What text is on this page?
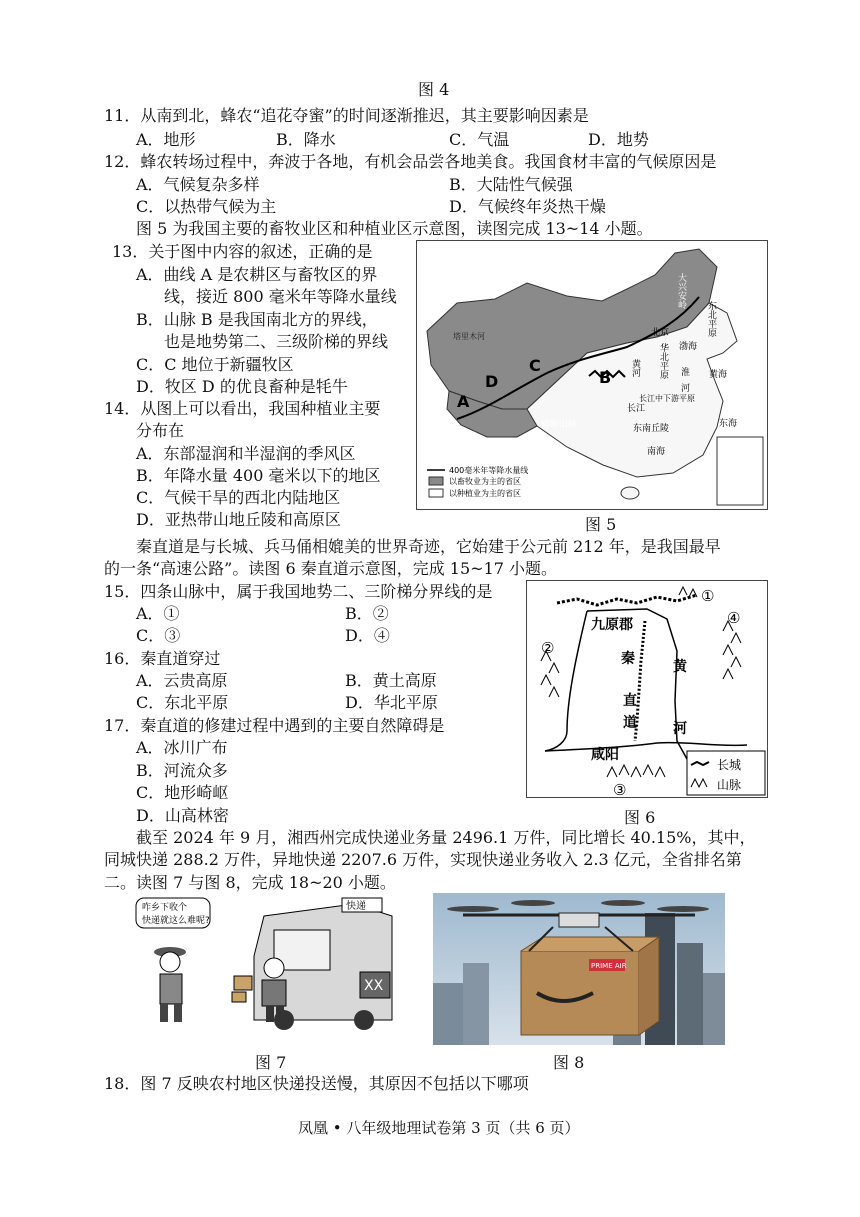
图 4
11．从南到北，蜂农“追花夺蜜”的时间逐渐推迟，其主要影响因素是
A．地形	B．降水	C．气温	D．地势
12．蜂农转场过程中，奔波于各地，有机会品尝各地美食。我国食材丰富的气候原因是
A．气候复杂多样	B．大陆性气候强
C．以热带气候为主	D．气候终年炎热干燥
图 5 为我国主要的畜牧业区和种植业区示意图，读图完成 13~14 小题。
13．关于图中内容的叙述，正确的是
A．曲线 A 是农耕区与畜牧区的界
线，接近 800 毫米年等降水量线
B．山脉 B 是我国南北方的界线，
也是地势第二、三级阶梯的界线
C．C 地位于新疆牧区
D．牧区 D 的优良畜种是牦牛
14．从图上可以看出，我国种植业主要
分布在
A．东部湿润和半湿润的季风区
B．年降水量 400 毫米以下的地区
C．气候干旱的西北内陆地区
D．亚热带山地丘陵和高原区
400毫米年等降水量线
以畜牧业为主的省区
以种植业为主的省区
A
B
C
D
塔里木河
大兴安岭
东北平原
北京
华北平原
黄河
渤海
黄海
东海
南海
长江
长江中下游平原
东南丘陵
横断山脉
河
淮
图 5
秦直道是与长城、兵马俑相媲美的世界奇迹，它始建于公元前 212 年，是我国最早
的一条“高速公路”。读图 6 秦直道示意图，完成 15~17 小题。
15．四条山脉中，属于我国地势二、三阶梯分界线的是
A．①	B．②
C．③	D．④
16．秦直道穿过
A．云贵高原	B．黄土高原
C．东北平原	D．华北平原
17．秦直道的修建过程中遇到的主要自然障碍是
A．冰川广布
B．河流众多
C．地形崎岖
D．山高林密
①
②
③
④
九原郡
秦
直
道
咸阳
黄
河
长城
山脉
图 6
截至 2024 年 9 月，湘西州完成快递业务量 2496.1 万件，同比增长 40.15%，其中，
同城快递 288.2 万件，异地快递 2207.6 万件，实现快递业务收入 2.3 亿元，全省排名第
二。读图 7 与图 8，完成 18~20 小题。
咋乡下收个
快递就这么难呢?
快递
XX
图 7
PRIME AIR
图 8
18．图 7 反映农村地区快递投送慢，其原因不包括以下哪项
凤凰 • 八年级地理试卷第 3 页（共 6 页）
